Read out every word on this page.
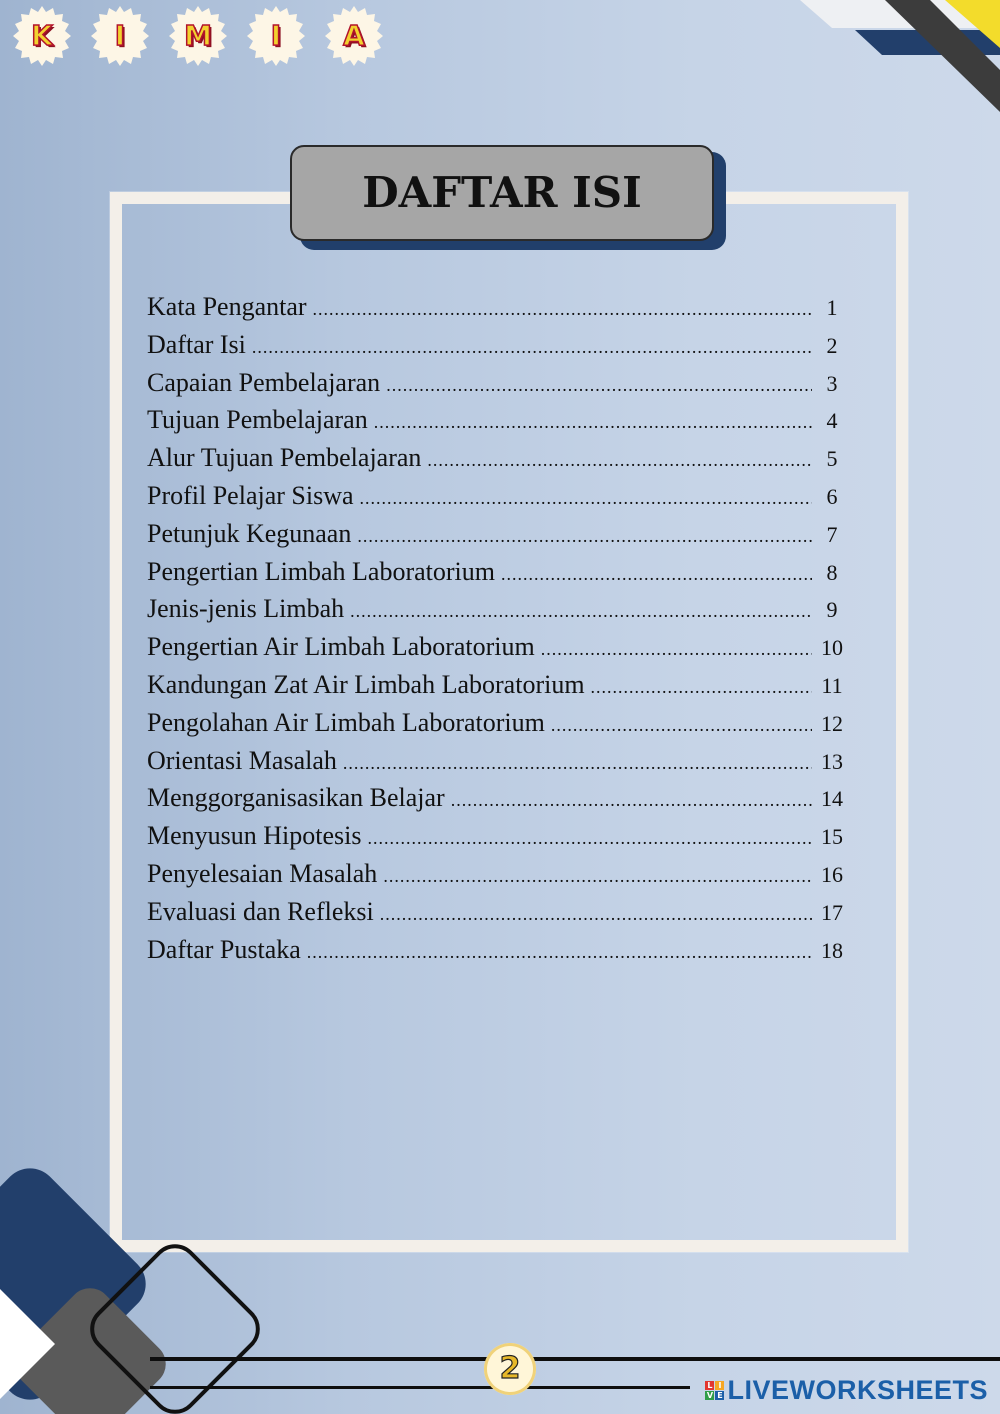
K	I	M	I	A
DAFTAR ISI
Kata Pengantar .....	1
Daftar Isi .....	2
Capaian Pembelajaran .....	3
Tujuan Pembelajaran .....	4
Alur Tujuan Pembelajaran .....	5
Profil Pelajar Siswa .....	6
Petunjuk Kegunaan .....	7
Pengertian Limbah Laboratorium .....	8
Jenis-jenis Limbah .....	9
Pengertian Air Limbah Laboratorium .....	10
Kandungan Zat Air Limbah Laboratorium .....	11
Pengolahan Air Limbah Laboratorium .....	12
Orientasi Masalah .....	13
Menggorganisasikan Belajar .....	14
Menyusun Hipotesis .....	15
Penyelesaian Masalah .....	16
Evaluasi dan Refleksi .....	17
Daftar Pustaka .....	18
2	L I
V E LIVEWORKSHEETS
